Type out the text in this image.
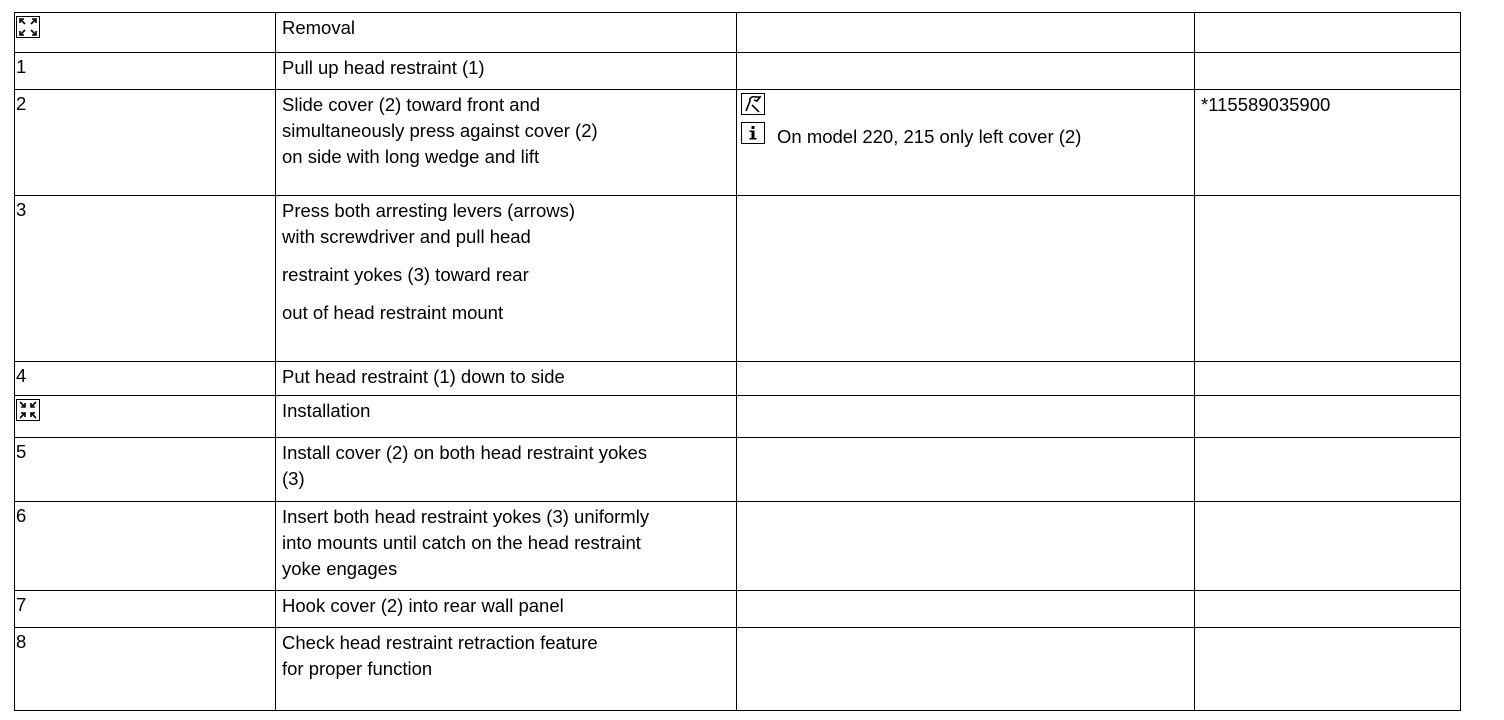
	Removal		
1	Pull up head restraint (1)		

2	Slide cover (2) toward front and
simultaneously press against cover (2)
on side with long wedge and lift	On model 220, 215 only left cover (2)	*115589035900
3	Press both arresting levers (arrows)
with screwdriver and pull head
restraint yokes (3) toward rear
out of head restraint mount		

4	Put head restraint (1) down to side		

	Installation		
5	Install cover (2) on both head restraint yokes
(3)		

6	Insert both head restraint yokes (3) uniformly
into mounts until catch on the head restraint
yoke engages		

7	Hook cover (2) into rear wall panel		

8	Check head restraint retraction feature
for proper function		
